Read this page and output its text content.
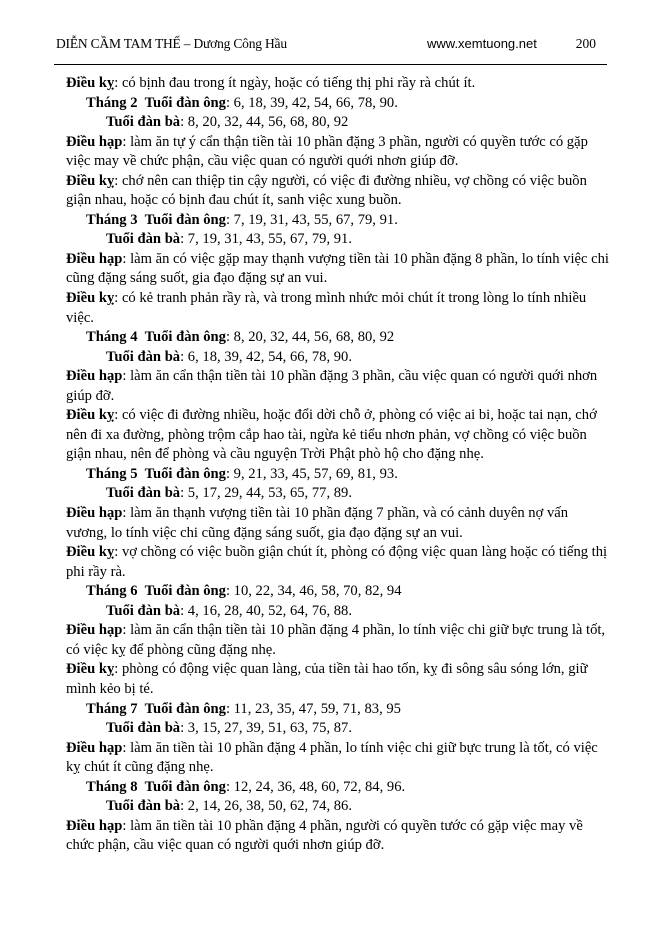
DIỄN CẦM TAM THẾ – Dương Công Hầu	www.xemtuong.net	200

Điều kỵ: có bịnh đau trong ít ngày, hoặc có tiếng thị phi rầy rà chút ít.

Tháng 2 Tuổi đàn ông: 6, 18, 39, 42, 54, 66, 78, 90.

Tuổi đàn bà: 8, 20, 32, 44, 56, 68, 80, 92

Điều hạp: làm ăn tự ý cẩn thận tiền tài 10 phần đặng 3 phần, người có quyền tước có gặp việc may về chức phận, cầu việc quan có người quới nhơn giúp đỡ.

Điều kỵ: chớ nên can thiệp tin cậy người, có việc đi đường nhiều, vợ chồng có việc buồn giận nhau, hoặc có bịnh đau chút ít, sanh việc xung buồn.

Tháng 3 Tuổi đàn ông: 7, 19, 31, 43, 55, 67, 79, 91.

Tuổi đàn bà: 7, 19, 31, 43, 55, 67, 79, 91.

Điều hạp: làm ăn có việc gặp may thạnh vượng tiền tài 10 phần đặng 8 phần, lo tính việc chi cũng đặng sáng suốt, gia đạo đặng sự an vui.

Điều kỵ: có kẻ tranh phản rầy rà, và trong mình nhức mỏi chút ít trong lòng lo tính nhiều việc.

Tháng 4 Tuổi đàn ông: 8, 20, 32, 44, 56, 68, 80, 92

Tuổi đàn bà: 6, 18, 39, 42, 54, 66, 78, 90.

Điều hạp: làm ăn cẩn thận tiền tài 10 phần đặng 3 phần, cầu việc quan có người quới nhơn giúp đỡ.

Điều kỵ: có việc đi đường nhiều, hoặc đổi dời chỗ ở, phòng có việc ai bi, hoặc tai nạn, chớ nên đi xa đường, phòng trộm cắp hao tài, ngừa kẻ tiểu nhơn phản, vợ chồng có việc buồn giận nhau, nên để phòng và cầu nguyện Trời Phật phò hộ cho đặng nhẹ.

Tháng 5 Tuổi đàn ông: 9, 21, 33, 45, 57, 69, 81, 93.

Tuổi đàn bà: 5, 17, 29, 44, 53, 65, 77, 89.

Điều hạp: làm ăn thạnh vượng tiền tài 10 phần đặng 7 phần, và có cảnh duyên nợ vấn vương, lo tính việc chi cũng đặng sáng suốt, gia đạo đặng sự an vui.

Điều kỵ: vợ chồng có việc buồn giận chút ít, phòng có động việc quan làng hoặc có tiếng thị phi rầy rà.

Tháng 6 Tuổi đàn ông: 10, 22, 34, 46, 58, 70, 82, 94

Tuổi đàn bà: 4, 16, 28, 40, 52, 64, 76, 88.

Điều hạp: làm ăn cẩn thận tiền tài 10 phần đặng 4 phần, lo tính việc chi giữ bực trung là tốt, có việc kỵ để phòng cũng đặng nhẹ.

Điều kỵ: phòng có động việc quan làng, của tiền tài hao tốn, kỵ đi sông sâu sóng lớn, giữ mình kẻo bị té.

Tháng 7 Tuổi đàn ông: 11, 23, 35, 47, 59, 71, 83, 95

Tuổi đàn bà: 3, 15, 27, 39, 51, 63, 75, 87.

Điều hạp: làm ăn tiền tài 10 phần đặng 4 phần, lo tính việc chi giữ bực trung là tốt, có việc kỵ chút ít cũng đặng nhẹ.

Tháng 8 Tuổi đàn ông: 12, 24, 36, 48, 60, 72, 84, 96.

Tuổi đàn bà: 2, 14, 26, 38, 50, 62, 74, 86.

Điều hạp: làm ăn tiền tài 10 phần đặng 4 phần, người có quyền tước có gặp việc may về chức phận, cầu việc quan có người quới nhơn giúp đỡ.
